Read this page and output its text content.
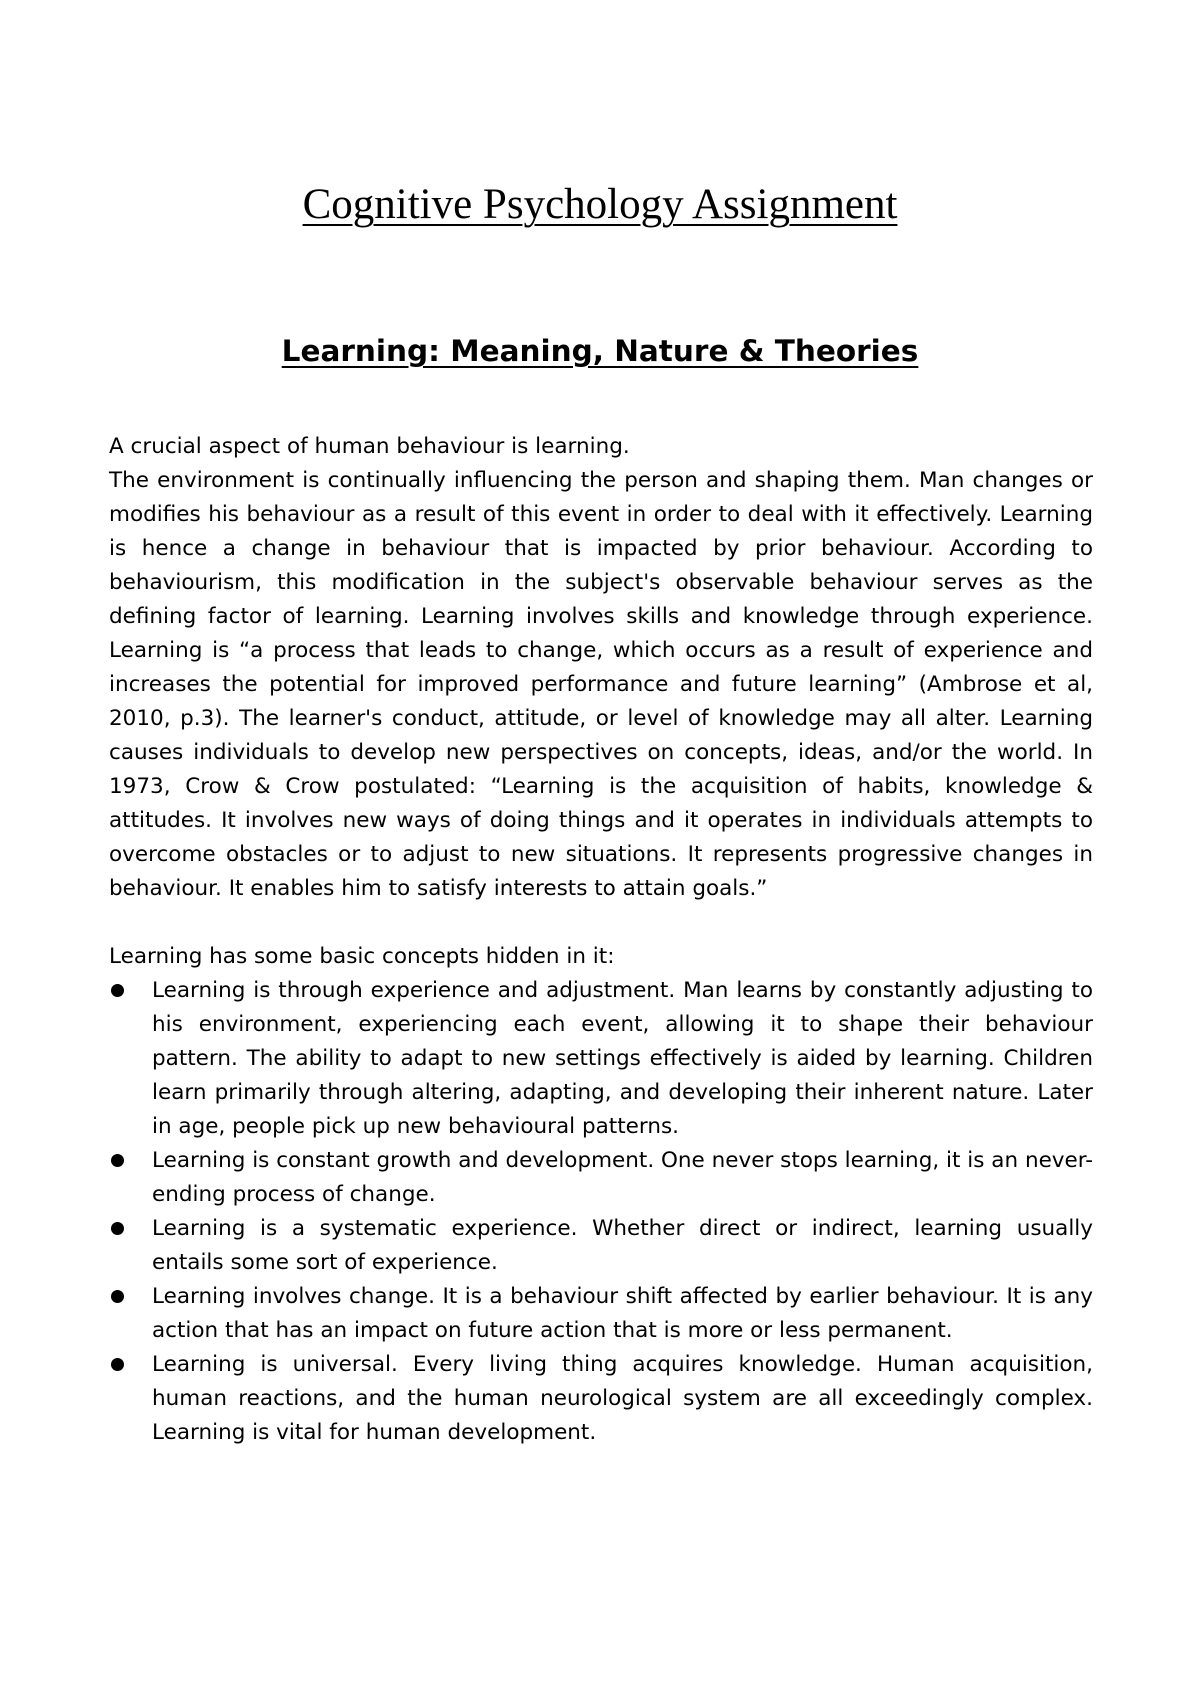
Cognitive Psychology Assignment
Learning: Meaning, Nature & Theories

A crucial aspect of human behaviour is learning.

The environment is continually influencing the person and shaping them. Man changes or modifies his behaviour as a result of this event in order to deal with it effectively. Learning is hence a change in behaviour that is impacted by prior behaviour. According to behaviourism, this modification in the subject's observable behaviour serves as the defining factor of learning. Learning involves skills and knowledge through experience. Learning is “a process that leads to change, which occurs as a result of experience and increases the potential for improved performance and future learning” (Ambrose et al, 2010, p.3). The learner's conduct, attitude, or level of knowledge may all alter. Learning causes individuals to develop new perspectives on concepts, ideas, and/or the world. In 1973, Crow & Crow postulated: “Learning is the acquisition of habits, knowledge & attitudes. It involves new ways of doing things and it operates in individuals attempts to overcome obstacles or to adjust to new situations. It represents progressive changes in behaviour. It enables him to satisfy interests to attain goals.”

Learning has some basic concepts hidden in it:

Learning is through experience and adjustment. Man learns by constantly adjusting to his environment, experiencing each event, allowing it to shape their behaviour pattern. The ability to adapt to new settings effectively is aided by learning. Children learn primarily through altering, adapting, and developing their inherent nature. Later in age, people pick up new behavioural patterns.
Learning is constant growth and development. One never stops learning, it is an never-ending process of change.
Learning is a systematic experience. Whether direct or indirect, learning usually entails some sort of experience.
Learning involves change. It is a behaviour shift affected by earlier behaviour. It is any action that has an impact on future action that is more or less permanent.
Learning is universal. Every living thing acquires knowledge. Human acquisition, human reactions, and the human neurological system are all exceedingly complex. Learning is vital for human development.
